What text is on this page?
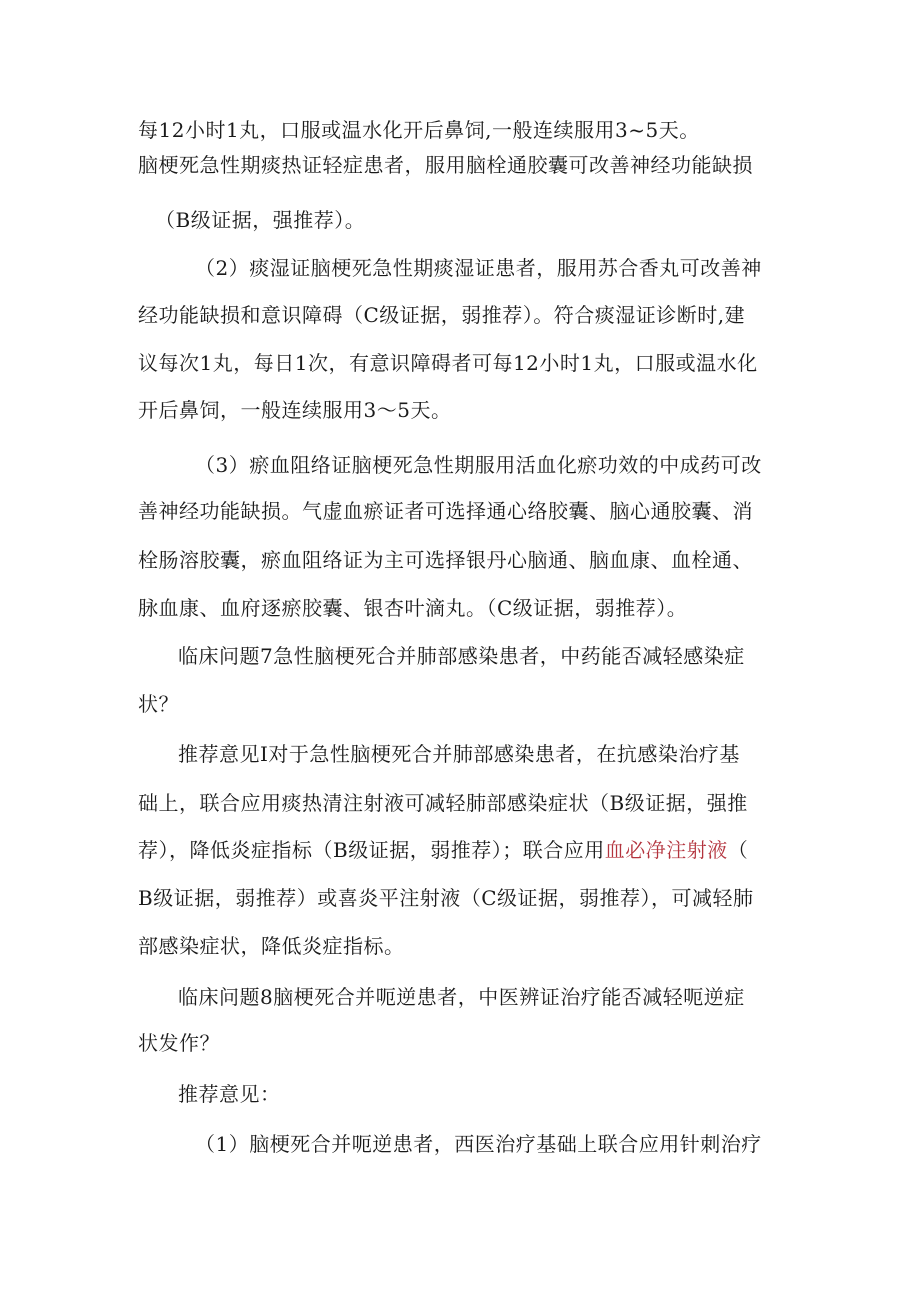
每12小时1丸，口服或温水化开后鼻饲,一般连续服用3~5天。
脑梗死急性期痰热证轻症患者，服用脑栓通胶囊可改善神经功能缺损
（B级证据，强推荐）。
（2）痰湿证脑梗死急性期痰湿证患者，服用苏合香丸可改善神
经功能缺损和意识障碍（C级证据，弱推荐）。符合痰湿证诊断时,建
议每次1丸，每日1次，有意识障碍者可每12小时1丸，口服或温水化
开后鼻饲，一般连续服用3～5天。
（3）瘀血阻络证脑梗死急性期服用活血化瘀功效的中成药可改
善神经功能缺损。气虚血瘀证者可选择通心络胶囊、脑心通胶囊、消
栓肠溶胶囊，瘀血阻络证为主可选择银丹心脑通、脑血康、血栓通、
脉血康、血府逐瘀胶囊、银杏叶滴丸。（C级证据，弱推荐）。
临床问题7急性脑梗死合并肺部感染患者，中药能否减轻感染症
状？
推荐意见I对于急性脑梗死合并肺部感染患者，在抗感染治疗基
础上，联合应用痰热清注射液可减轻肺部感染症状（B级证据，强推
荐），降低炎症指标（B级证据，弱推荐）；联合应用血必净注射液（
B级证据，弱推荐）或喜炎平注射液（C级证据，弱推荐），可减轻肺
部感染症状，降低炎症指标。
临床问题8脑梗死合并呃逆患者，中医辨证治疗能否减轻呃逆症
状发作？
推荐意见：
（1）脑梗死合并呃逆患者，西医治疗基础上联合应用针刺治疗
